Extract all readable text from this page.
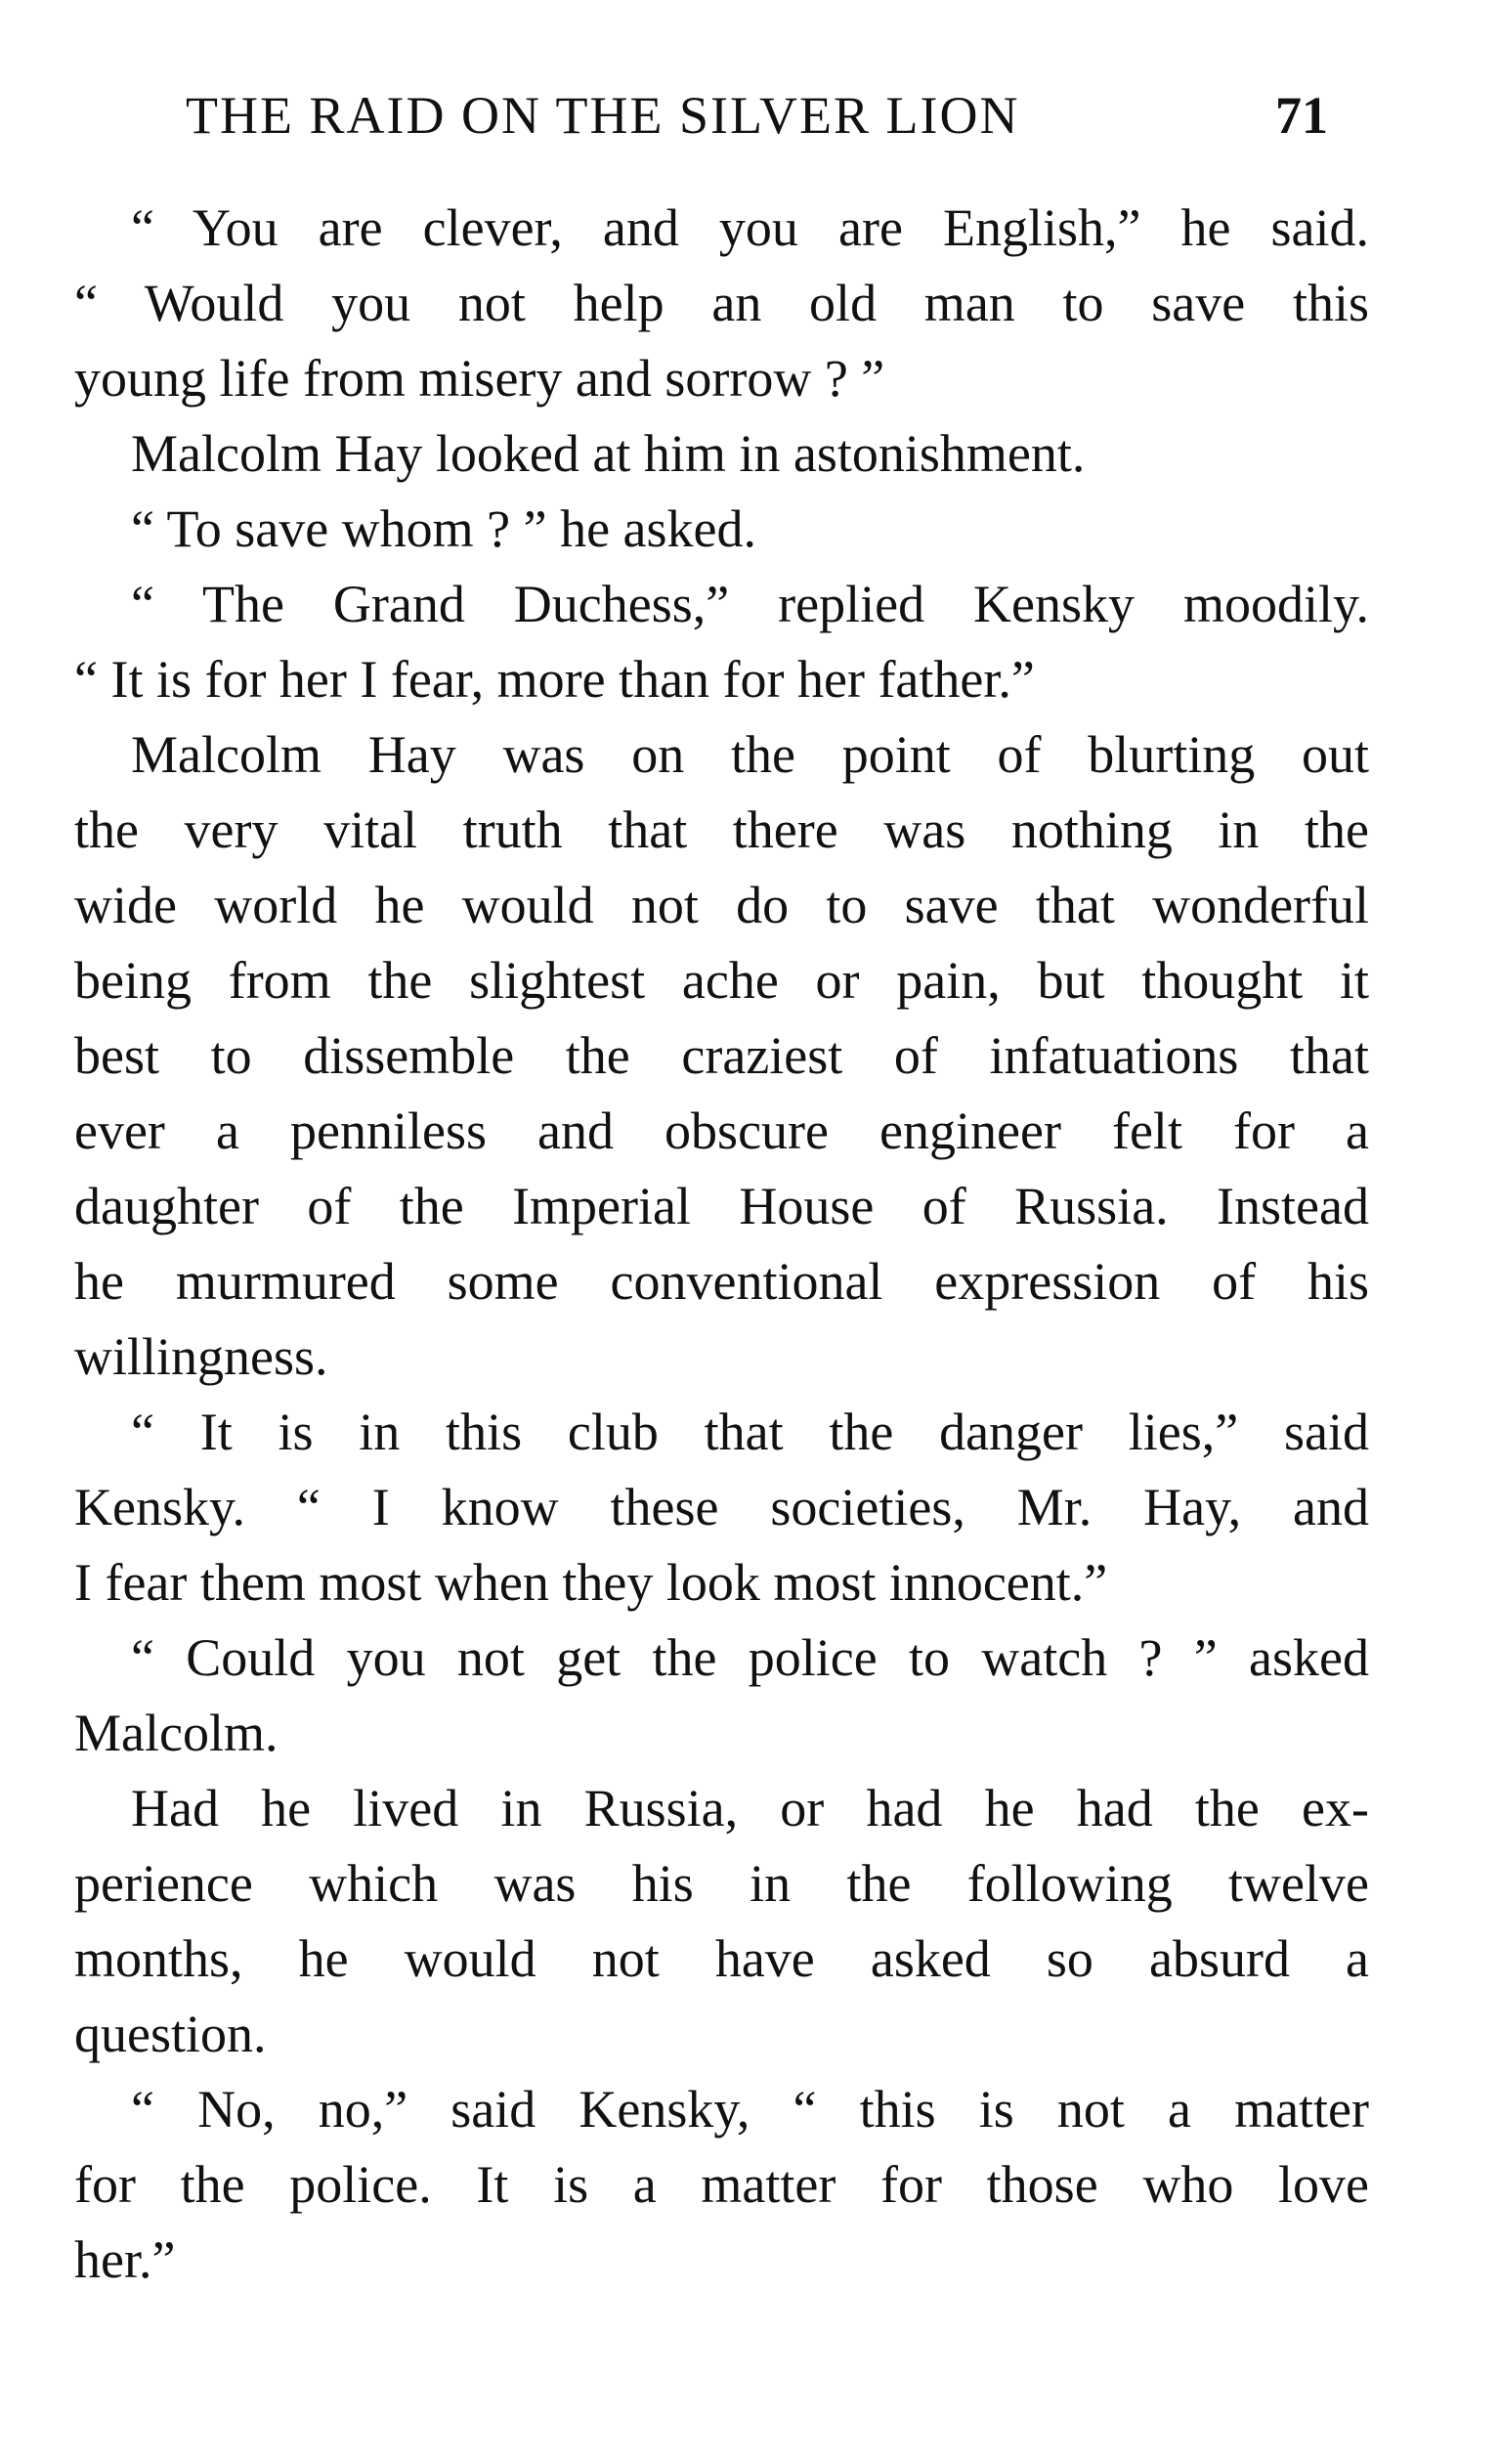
THE RAID ON THE SILVER LION	71
“ You are clever, and you are English,” he said.
“ Would you not help an old man to save this
young life from misery and sorrow ? ”
Malcolm Hay looked at him in astonishment.
“ To save whom ? ” he asked.
“ The Grand Duchess,” replied Kensky moodily.
“ It is for her I fear, more than for her father.”
Malcolm Hay was on the point of blurting out
the very vital truth that there was nothing in the
wide world he would not do to save that wonderful
being from the slightest ache or pain, but thought it
best to dissemble the craziest of infatuations that
ever a penniless and obscure engineer felt for a
daughter of the Imperial House of Russia. Instead
he murmured some conventional expression of his
willingness.
“ It is in this club that the danger lies,” said
Kensky. “ I know these societies, Mr. Hay, and
I fear them most when they look most innocent.”
“ Could you not get the police to watch ? ” asked
Malcolm.
Had he lived in Russia, or had he had the ex-
perience which was his in the following twelve
months, he would not have asked so absurd a
question.
“ No, no,” said Kensky, “ this is not a matter
for the police. It is a matter for those who love
her.”
